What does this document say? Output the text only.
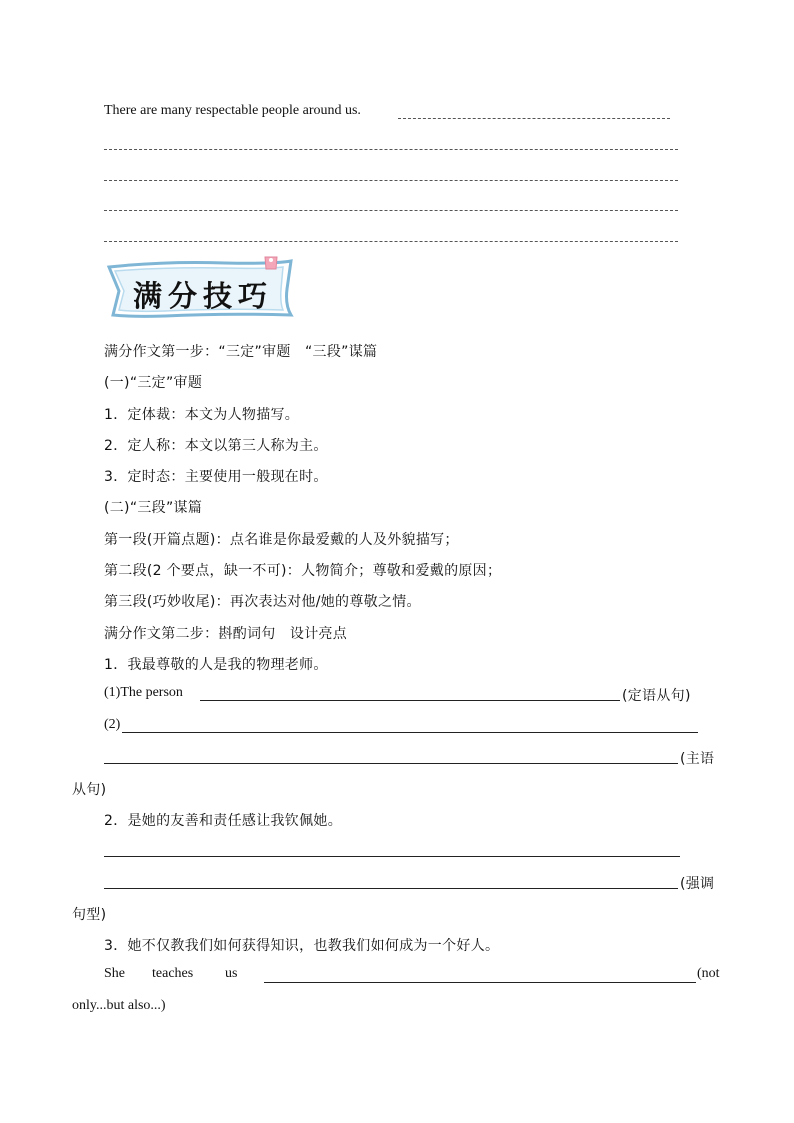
There are many respectable people around us.
满分技巧
满分作文第一步：“三定”审题　“三段”谋篇
(一)“三定”审题
1．定体裁：本文为人物描写。
2．定人称：本文以第三人称为主。
3．定时态：主要使用一般现在时。
(二)“三段”谋篇
第一段(开篇点题)：点名谁是你最爱戴的人及外貌描写；
第二段(2 个要点，缺一不可)：人物简介；尊敬和爱戴的原因；
第三段(巧妙收尾)：再次表达对他/她的尊敬之情。
满分作文第二步：斟酌词句　设计亮点
1．我最尊敬的人是我的物理老师。
(1)The person	(定语从句)
(2)
(主语
从句)
2．是她的友善和责任感让我钦佩她。
(强调
句型)
3．她不仅教我们如何获得知识，也教我们如何成为一个好人。
She teaches us	(not
only...but also...)
